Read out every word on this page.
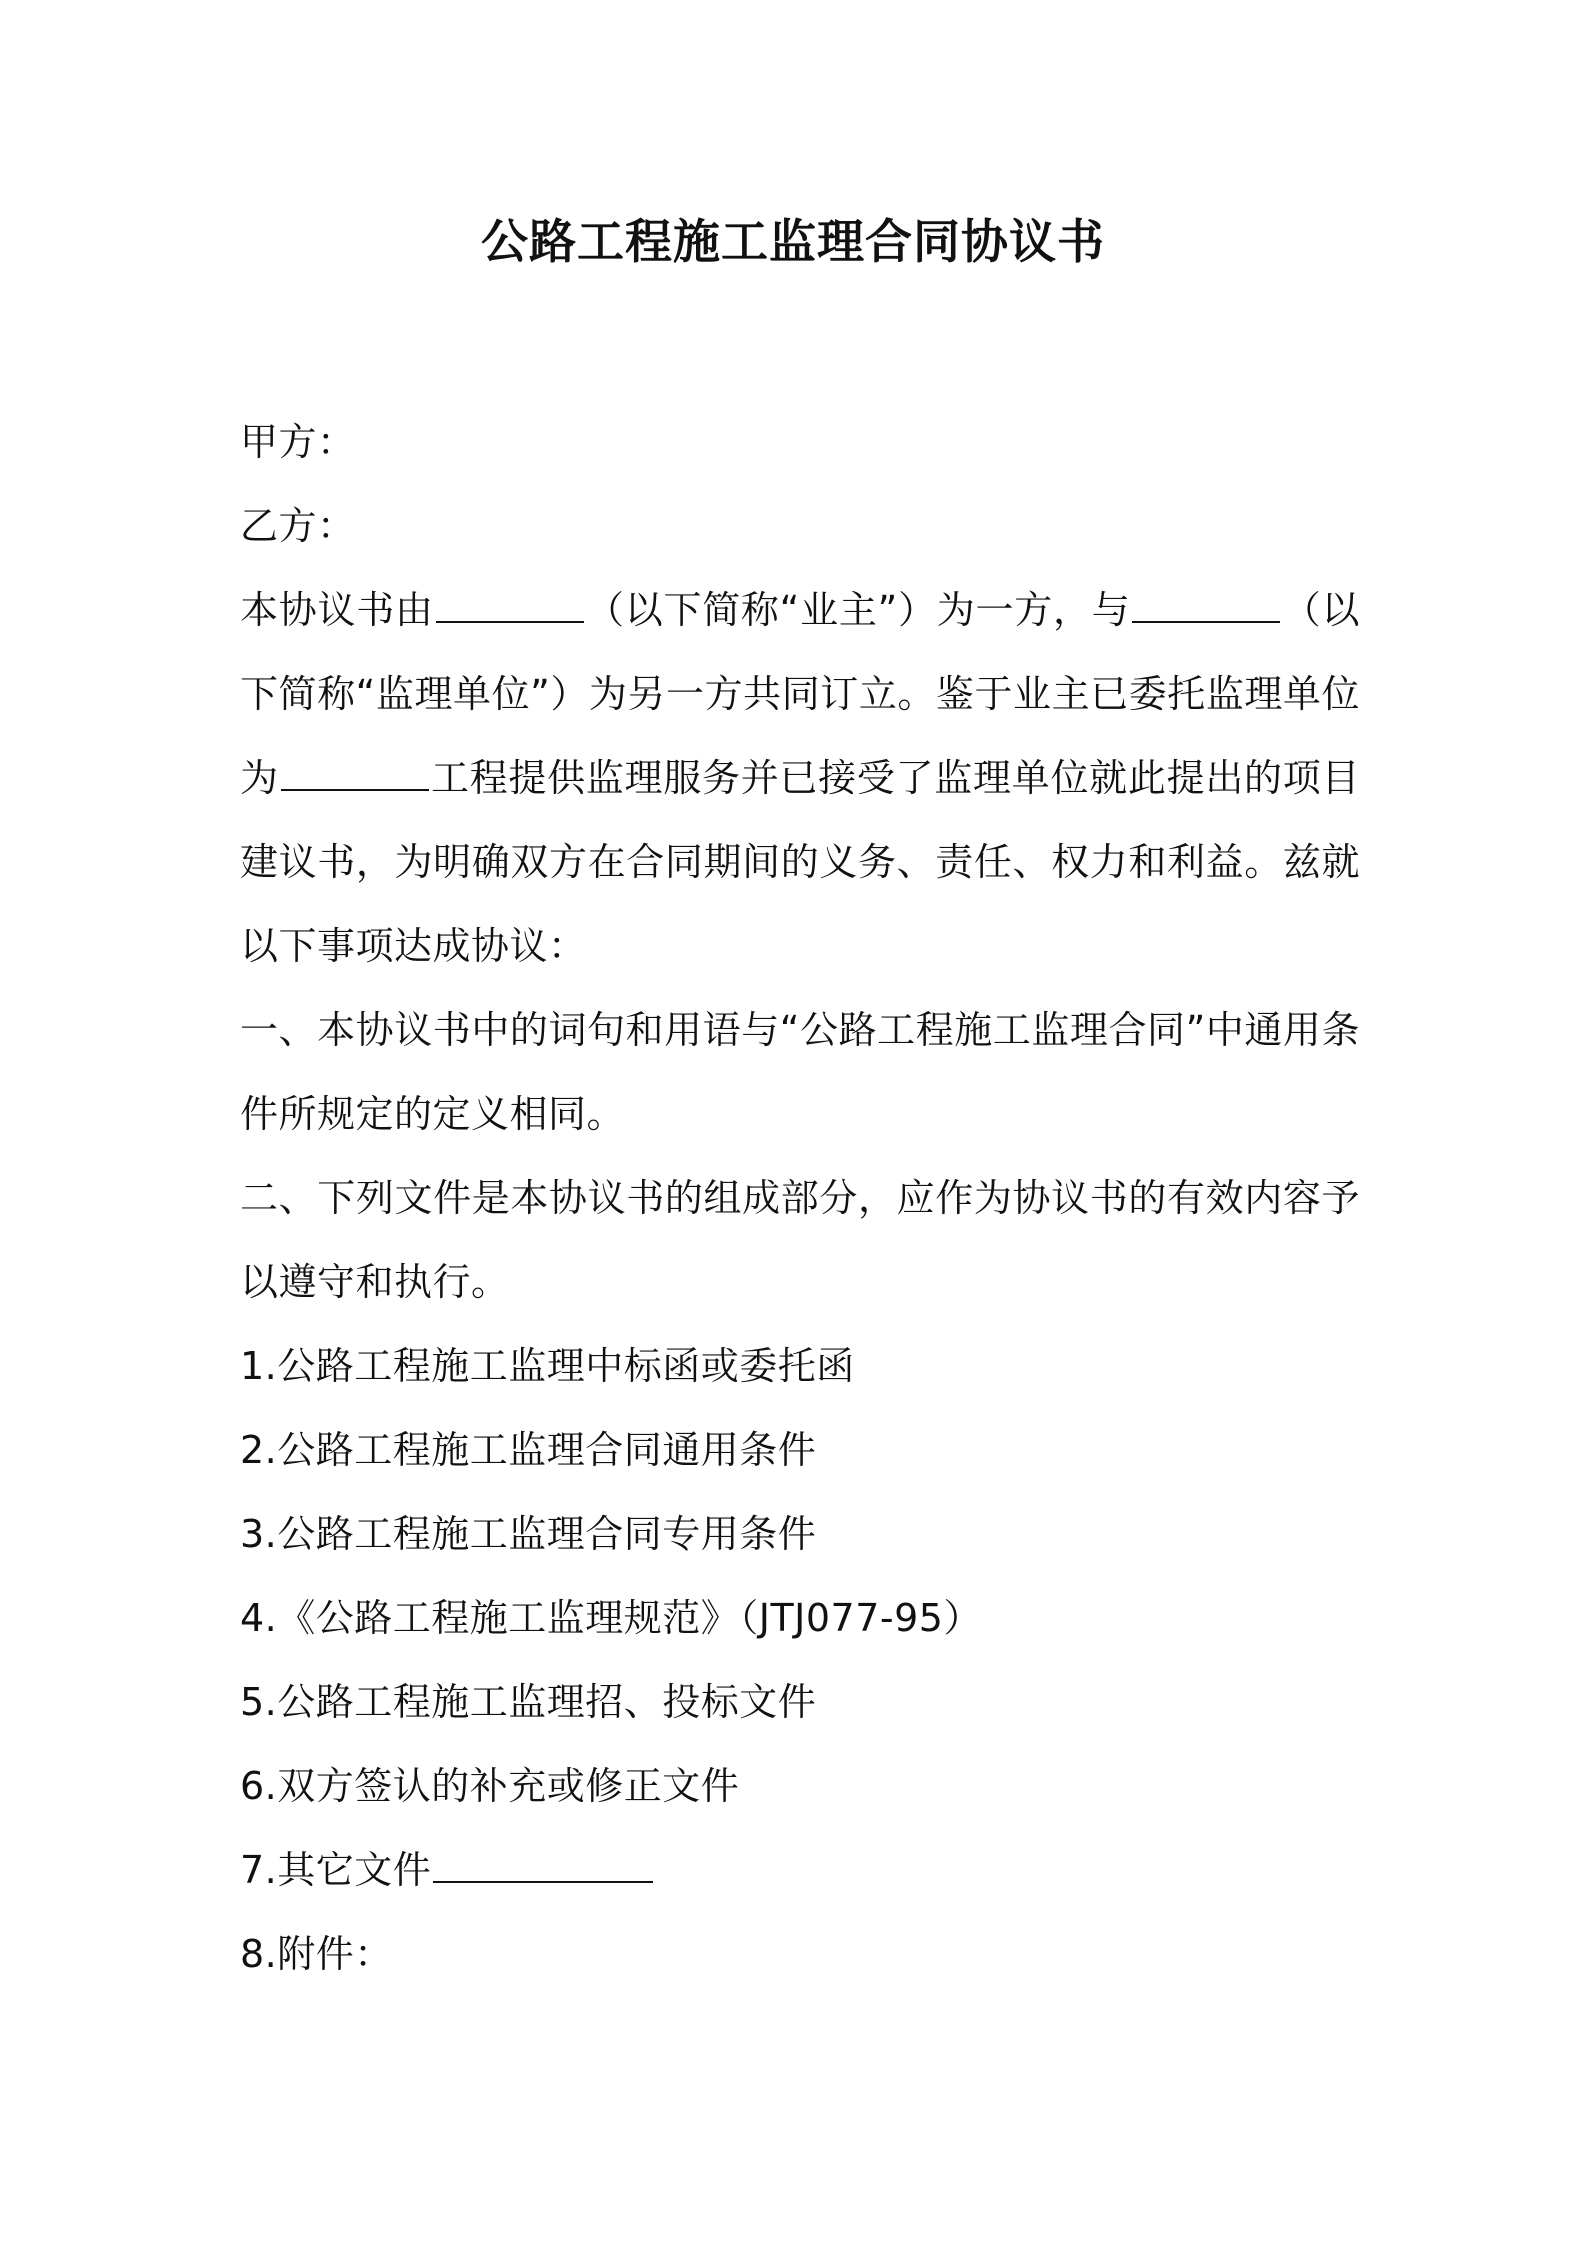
公路工程施工监理合同协议书
甲方：
乙方：
本协议书由	（以下简称“业主”）为一方，与	（以下简称“监理单位”）为另一方共同订立。鉴于业主已委托监理单位为	工程提供监理服务并已接受了监理单位就此提出的项目建议书，为明确双方在合同期间的义务、责任、权力和利益。兹就以下事项达成协议：
一、本协议书中的词句和用语与“公路工程施工监理合同”中通用条件所规定的定义相同。
二、下列文件是本协议书的组成部分，应作为协议书的有效内容予以遵守和执行。
1.公路工程施工监理中标函或委托函
2.公路工程施工监理合同通用条件
3.公路工程施工监理合同专用条件
4.《公路工程施工监理规范》（JTJ077-95）
5.公路工程施工监理招、投标文件
6.双方签认的补充或修正文件
7.其它文件
8.附件：
